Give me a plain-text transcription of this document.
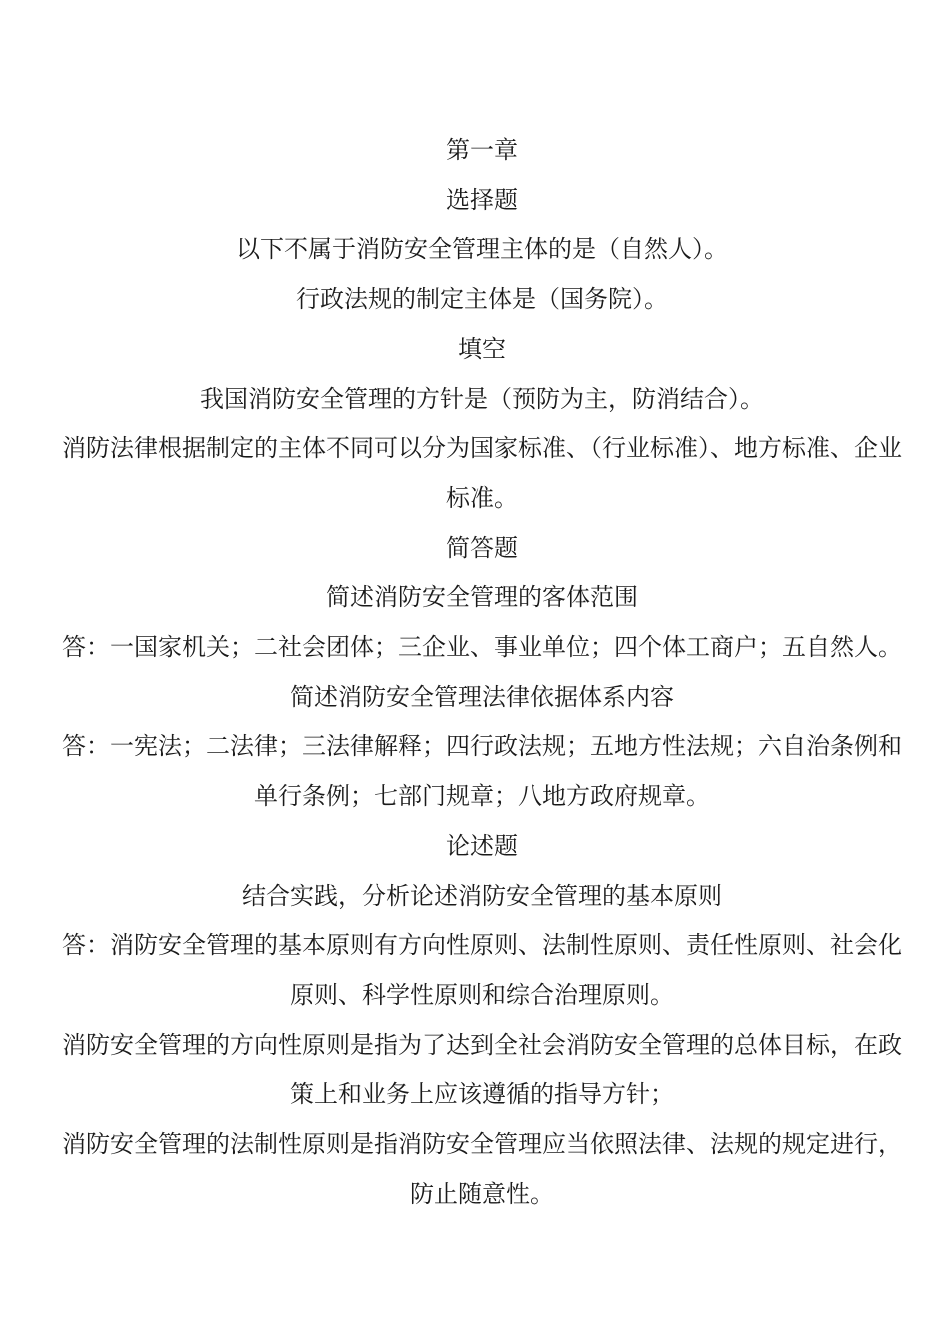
第一章

选择题

以下不属于消防安全管理主体的是（自然人）。

行政法规的制定主体是（国务院）。

填空

我国消防安全管理的方针是（预防为主，防消结合）。

消防法律根据制定的主体不同可以分为国家标准、（行业标准）、地方标准、企业标准。

简答题

简述消防安全管理的客体范围

答：一国家机关；二社会团体；三企业、事业单位；四个体工商户；五自然人。

简述消防安全管理法律依据体系内容

答：一宪法；二法律；三法律解释；四行政法规；五地方性法规；六自治条例和单行条例；七部门规章；八地方政府规章。

论述题

结合实践，分析论述消防安全管理的基本原则

答：消防安全管理的基本原则有方向性原则、法制性原则、责任性原则、社会化原则、科学性原则和综合治理原则。

消防安全管理的方向性原则是指为了达到全社会消防安全管理的总体目标，在政策上和业务上应该遵循的指导方针；

消防安全管理的法制性原则是指消防安全管理应当依照法律、法规的规定进行，防止随意性。
